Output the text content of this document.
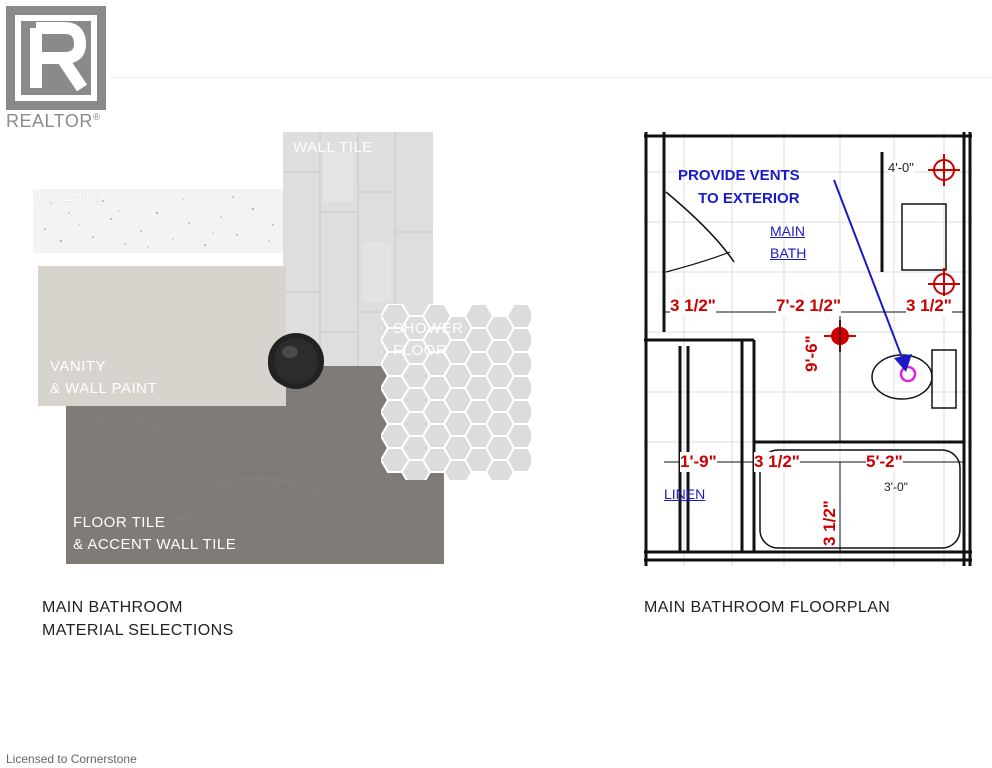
REALTOR®
WALL TILE
QUARTZ
FLOOR TILE
& ACCENT WALL TILE
VANITY
& WALL PAINT
SHOWER
FLOOR
MAIN BATHROOM
MATERIAL SELECTIONS
MAIN BATHROOM FLOORPLAN
PROVIDE VENTS
TO EXTERIOR
MAIN
BATH
LINEN
4'-0"
3 1/2"	7'-2 1/2"	3 1/2"
9'-6"
1'-9" 3 1/2"	5'-2"
3'-0"
3 1/2"
Licensed to Cornerstone
